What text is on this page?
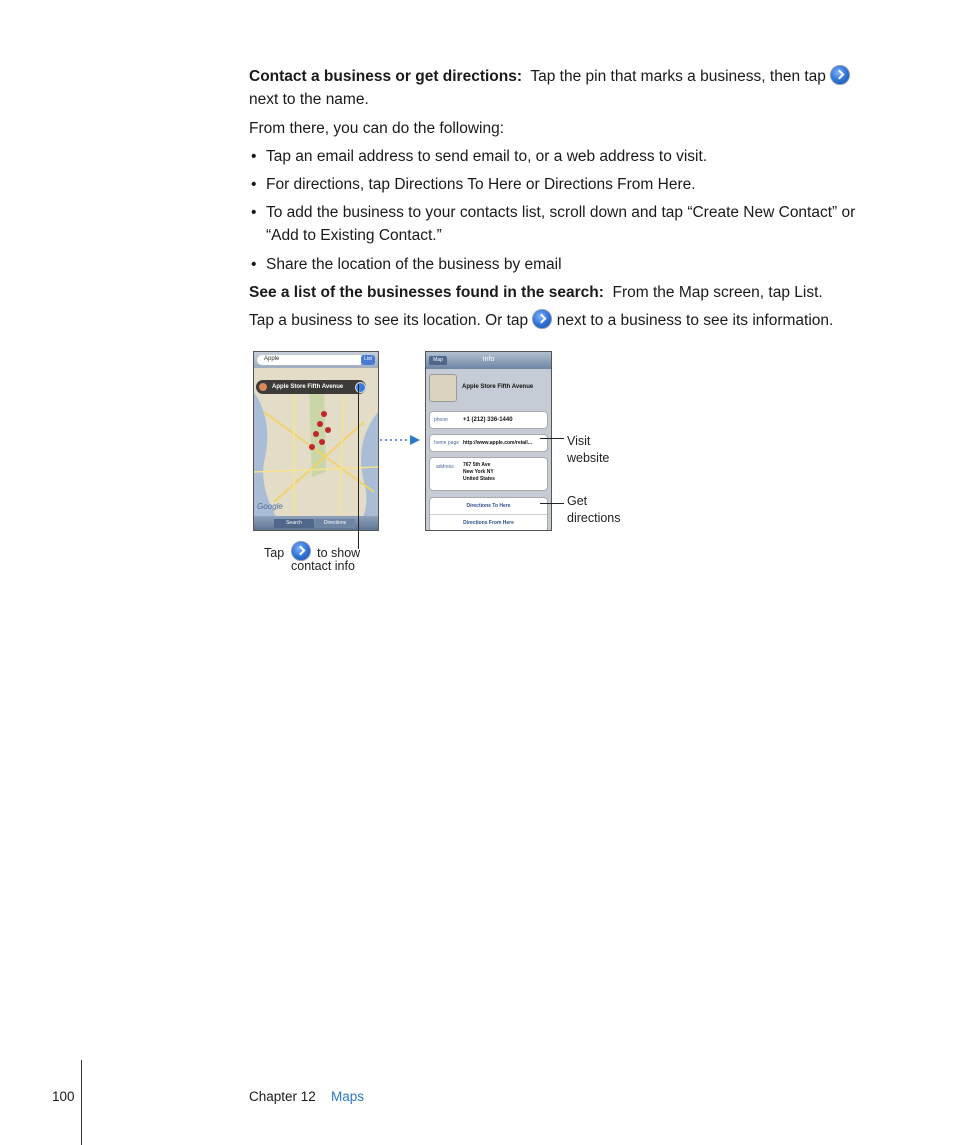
Contact a business or get directions: Tap the pin that marks a business, then tap
next to the name.
From there, you can do the following:
• Tap an email address to send email to, or a web address to visit.
• For directions, tap Directions To Here or Directions From Here.
• To add the business to your contacts list, scroll down and tap “Create New Contact” or “Add to Existing Contact.”
• Share the location of the business by email
See a list of the businesses found in the search: From the Map screen, tap List.
Tap a business to see its location. Or tap next to a business to see its information.
Apple	List
Apple Store Fifth Avenue
Google
Search	Directions
Map	Info
Apple Store Fifth Avenue
phone	+1 (212) 336-1440
home page http://www.apple.com/retail...
address 767 5th Ave
New York NY
United States
Directions To Here
Directions From Here
Visit
website
Get
directions
Tap	to show
contact info
100	Chapter 12 Maps
